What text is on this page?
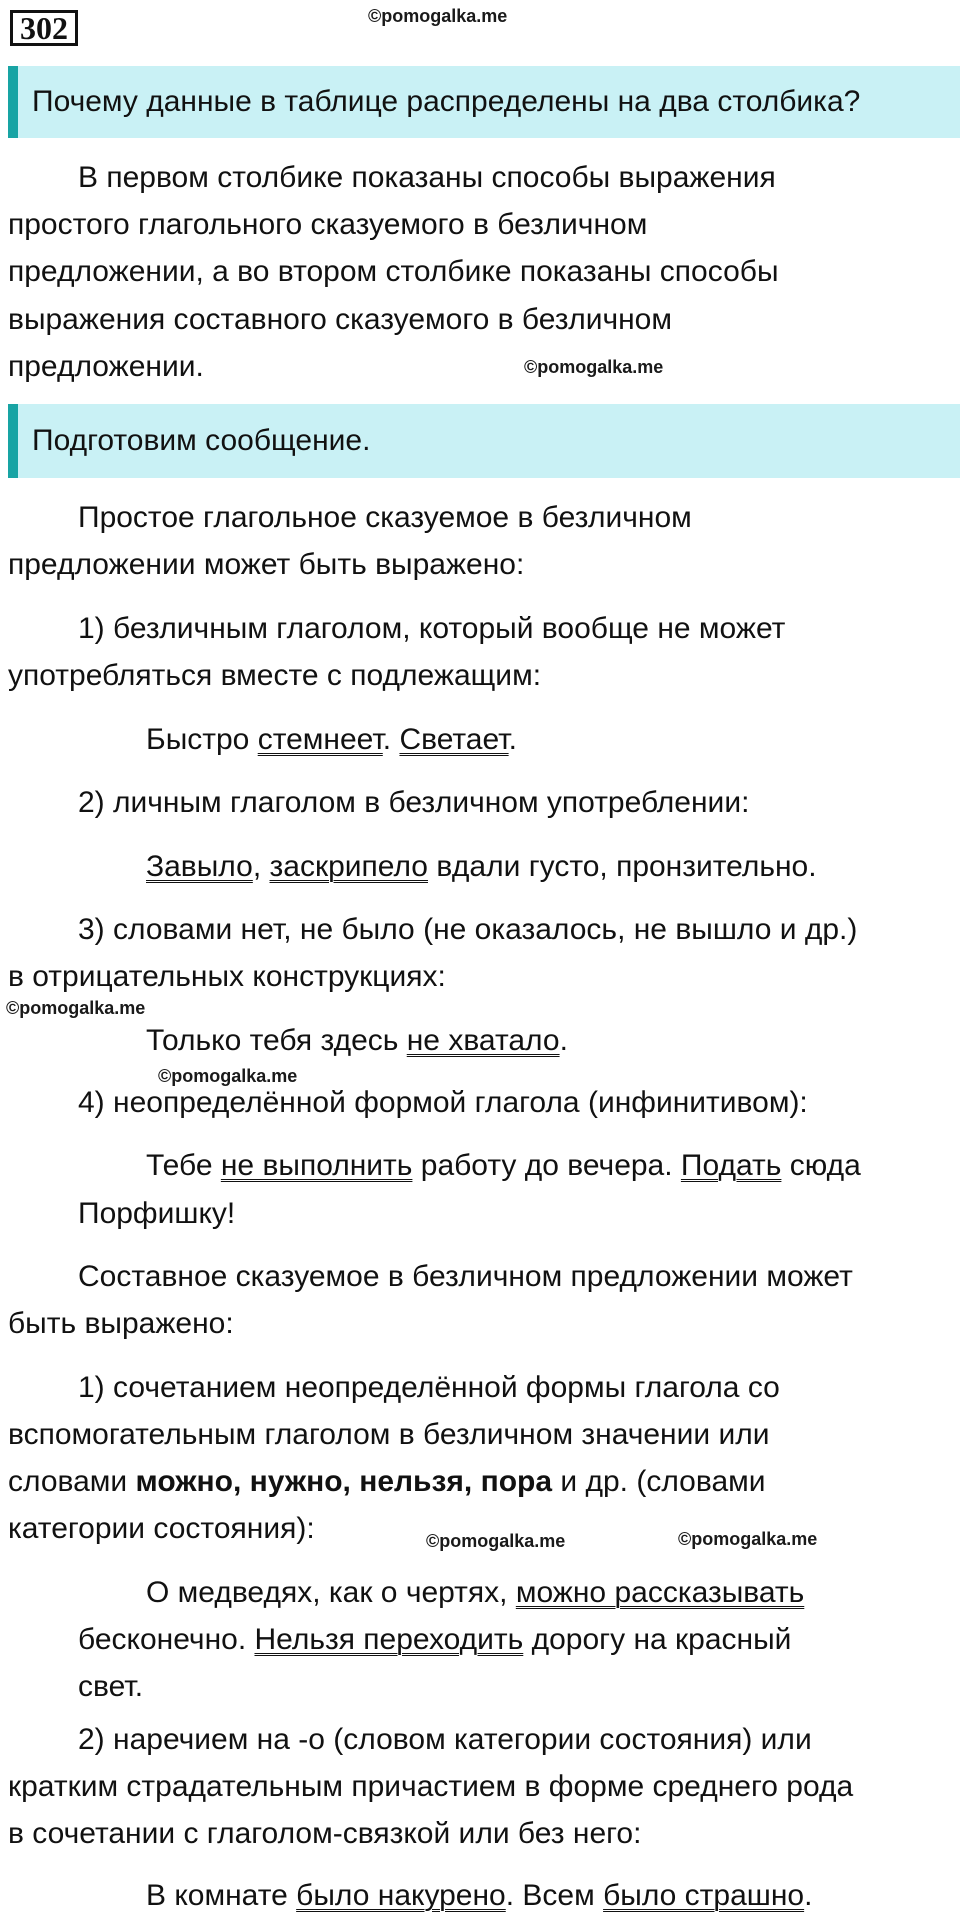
302	©pomogalka.me
Почему данные в таблице распределены на два столбика?
В первом столбике показаны способы выражения
простого глагольного сказуемого в безличном
предложении, а во втором столбике показаны способы
выражения составного сказуемого в безличном
предложении.	©pomogalka.me
Подготовим сообщение.
Простое глагольное сказуемое в безличном
предложении может быть выражено:
1) безличным глаголом, который вообще не может
употребляться вместе с подлежащим:
Быстро стемнеет. Светает.
2) личным глаголом в безличном употреблении:
Завыло, заскрипело вдали густо, пронзительно.
3) словами нет, не было (не оказалось, не вышло и др.)
в отрицательных конструкциях:
©pomogalka.me
Только тебя здесь не хватало.
©pomogalka.me
4) неопределённой формой глагола (инфинитивом):
Тебе не выполнить работу до вечера. Подать сюда
Порфишку!
Составное сказуемое в безличном предложении может
быть выражено:
1) сочетанием неопределённой формы глагола со
вспомогательным глаголом в безличном значении или
словами можно, нужно, нельзя, пора и др. (словами
категории состояния):	©pomogalka.me	©pomogalka.me
О медведях, как о чертях, можно рассказывать
бесконечно. Нельзя переходить дорогу на красный
свет.
2) наречием на -о (словом категории состояния) или
кратким страдательным причастием в форме среднего рода
в сочетании с глаголом-связкой или без него:
В комнате было накурено. Всем было страшно.
